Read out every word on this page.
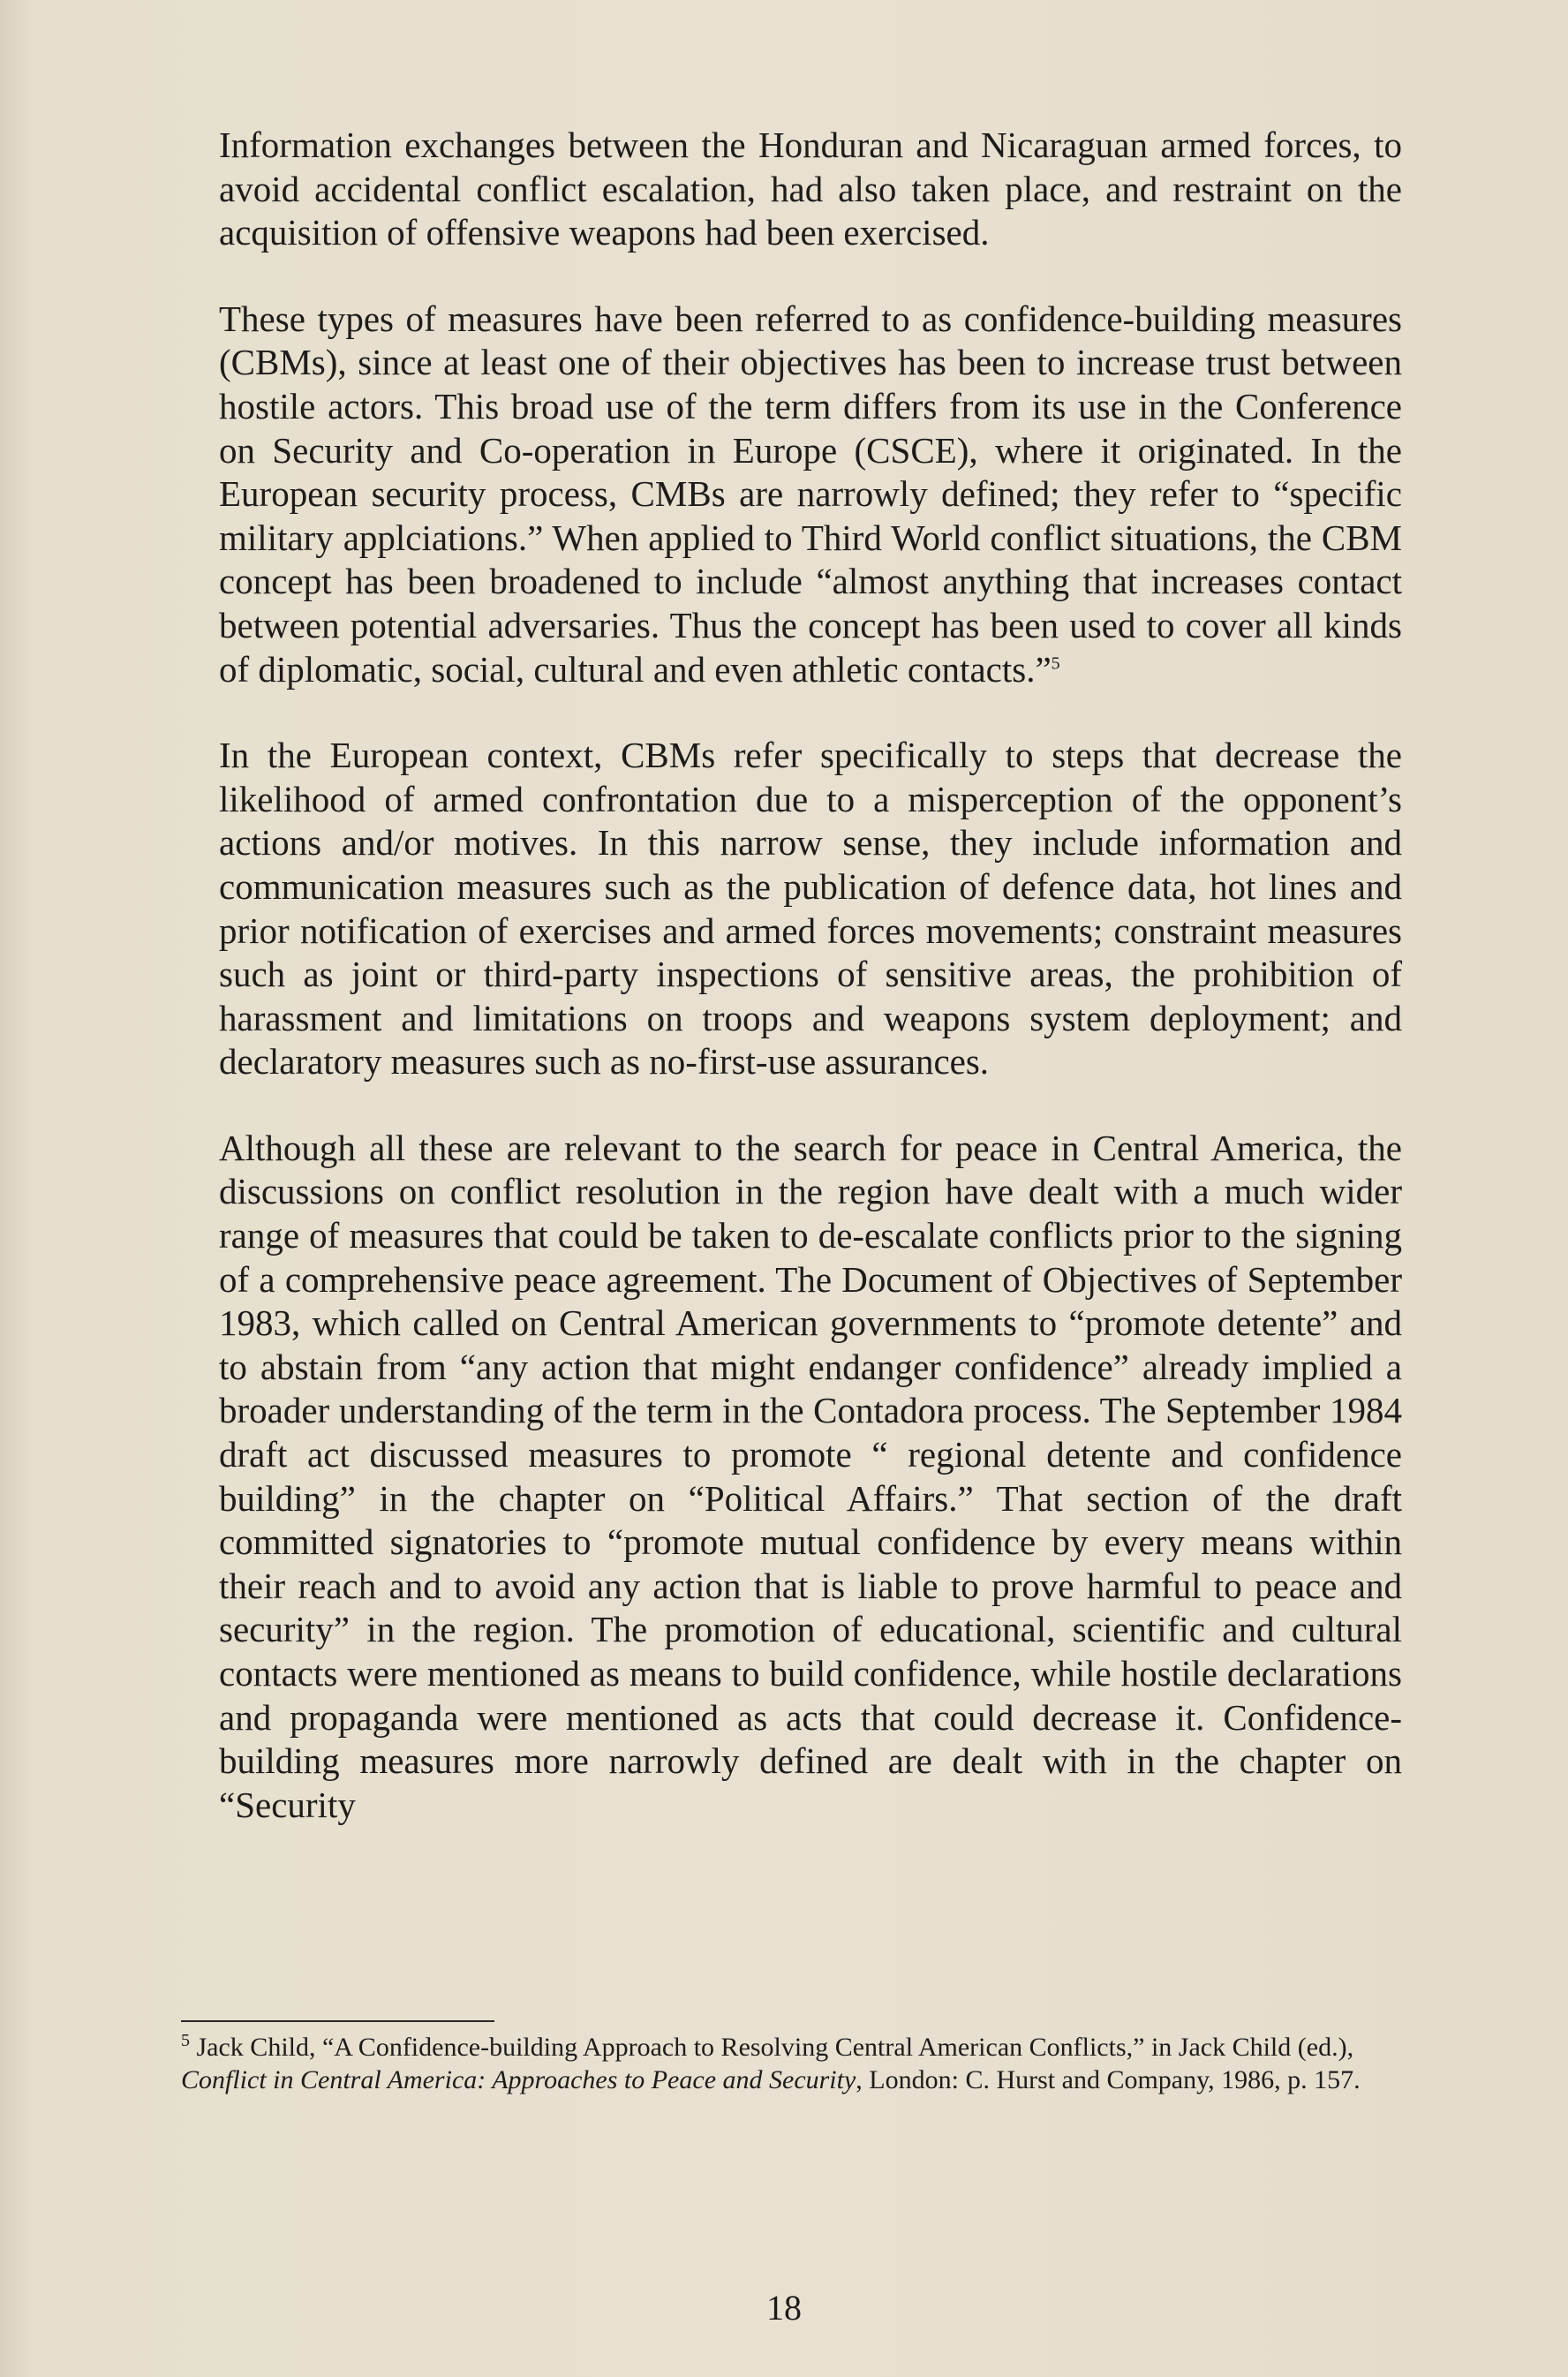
Information exchanges between the Honduran and Nicaraguan armed forces, to avoid accidental conflict escalation, had also taken place, and restraint on the acquisition of offensive weapons had been exercised.

These types of measures have been referred to as confidence-building measures (CBMs), since at least one of their objectives has been to increase trust between hostile actors. This broad use of the term differs from its use in the Conference on Security and Co-operation in Europe (CSCE), where it originated. In the European security process, CMBs are narrowly defined; they refer to “specific military applciations.” When applied to Third World conflict situations, the CBM concept has been broadened to include “almost anything that increases contact between potential adversaries. Thus the concept has been used to cover all kinds of diplomatic, social, cultural and even athletic contacts.”$^5$

In the European context, CBMs refer specifically to steps that decrease the likelihood of armed confrontation due to a misperception of the opponent’s actions and/or motives. In this narrow sense, they include information and communication measures such as the publication of defence data, hot lines and prior notification of exercises and armed forces movements; constraint measures such as joint or third-party inspections of sensitive areas, the prohibition of harassment and limitations on troops and weapons system deployment; and declaratory measures such as no-first-use assurances.

Although all these are relevant to the search for peace in Central America, the discussions on conflict resolution in the region have dealt with a much wider range of measures that could be taken to de-escalate conflicts prior to the signing of a comprehensive peace agreement. The Document of Objectives of September 1983, which called on Central American governments to “promote detente” and to abstain from “any action that might endanger confidence” already implied a broader understanding of the term in the Contadora process. The September 1984 draft act discussed measures to promote “ regional detente and confidence building” in the chapter on “Political Affairs.” That section of the draft committed signatories to “promote mutual confidence by every means within their reach and to avoid any action that is liable to prove harmful to peace and security” in the region. The promotion of educational, scientific and cultural contacts were mentioned as means to build confidence, while hostile declarations and propaganda were mentioned as acts that could decrease it. Confidence-building measures more narrowly defined are dealt with in the chapter on “Security

$^5$ Jack Child, “A Confidence-building Approach to Resolving Central American Conflicts,” in Jack Child (ed.), Conflict in Central America: Approaches to Peace and Security, London: C. Hurst and Company, 1986, p. 157.

18
